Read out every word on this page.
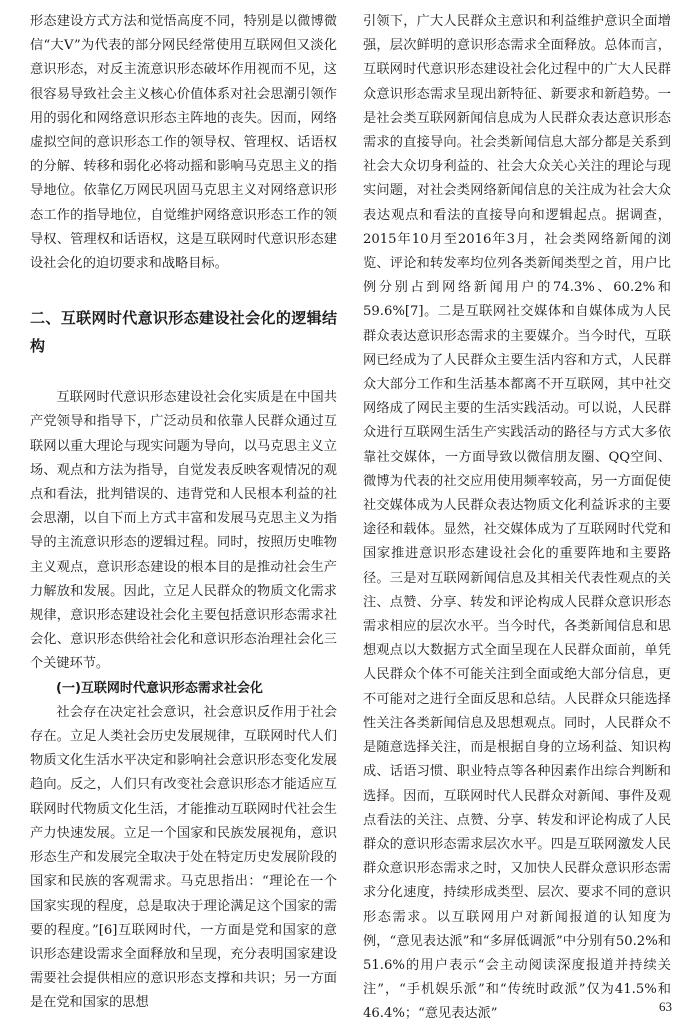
形态建设方式方法和觉悟高度不同，特别是以微博微信“大V”为代表的部分网民经常使用互联网但又淡化意识形态，对反主流意识形态破坏作用视而不见，这很容易导致社会主义核心价值体系对社会思潮引领作用的弱化和网络意识形态主阵地的丧失。因而，网络虚拟空间的意识形态工作的领导权、管理权、话语权的分解、转移和弱化必将动摇和影响马克思主义的指导地位。依靠亿万网民巩固马克思主义对网络意识形态工作的指导地位，自觉维护网络意识形态工作的领导权、管理权和话语权，这是互联网时代意识形态建设社会化的迫切要求和战略目标。

二、互联网时代意识形态建设社会化的逻辑结构

互联网时代意识形态建设社会化实质是在中国共产党领导和指导下，广泛动员和依靠人民群众通过互联网以重大理论与现实问题为导向，以马克思主义立场、观点和方法为指导，自觉发表反映客观情况的观点和看法，批判错误的、违背党和人民根本利益的社会思潮，以自下而上方式丰富和发展马克思主义为指导的主流意识形态的逻辑过程。同时，按照历史唯物主义观点，意识形态建设的根本目的是推动社会生产力解放和发展。因此，立足人民群众的物质文化需求规律，意识形态建设社会化主要包括意识形态需求社会化、意识形态供给社会化和意识形态治理社会化三个关键环节。

(一)互联网时代意识形态需求社会化

社会存在决定社会意识，社会意识反作用于社会存在。立足人类社会历史发展规律，互联网时代人们物质文化生活水平决定和影响社会意识形态变化发展趋向。反之，人们只有改变社会意识形态才能适应互联网时代物质文化生活，才能推动互联网时代社会生产力快速发展。立足一个国家和民族发展视角，意识形态生产和发展完全取决于处在特定历史发展阶段的国家和民族的客观需求。马克思指出：“理论在一个国家实现的程度，总是取决于理论满足这个国家的需要的程度。”[6]互联网时代，一方面是党和国家的意识形态建设需求全面释放和呈现，充分表明国家建设需要社会提供相应的意识形态支撑和共识；另一方面是在党和国家的思想

引领下，广大人民群众主意识和利益维护意识全面增强，层次鲜明的意识形态需求全面释放。总体而言，互联网时代意识形态建设社会化过程中的广大人民群众意识形态需求呈现出新特征、新要求和新趋势。一是社会类互联网新闻信息成为人民群众表达意识形态需求的直接导向。社会类新闻信息大部分都是关系到社会大众切身利益的、社会大众关心关注的理论与现实问题，对社会类网络新闻信息的关注成为社会大众表达观点和看法的直接导向和逻辑起点。据调查，2015年10月至2016年3月，社会类网络新闻的浏览、评论和转发率均位列各类新闻类型之首，用户比例分别占到网络新闻用户的74.3%、60.2%和59.6%[7]。二是互联网社交媒体和自媒体成为人民群众表达意识形态需求的主要媒介。当今时代，互联网已经成为了人民群众主要生活内容和方式，人民群众大部分工作和生活基本都离不开互联网，其中社交网络成了网民主要的生活实践活动。可以说，人民群众进行互联网生活生产实践活动的路径与方式大多依靠社交媒体，一方面导致以微信朋友圈、QQ空间、微博为代表的社交应用使用频率较高，另一方面促使社交媒体成为人民群众表达物质文化利益诉求的主要途径和载体。显然，社交媒体成为了互联网时代党和国家推进意识形态建设社会化的重要阵地和主要路径。三是对互联网新闻信息及其相关代表性观点的关注、点赞、分享、转发和评论构成人民群众意识形态需求相应的层次水平。当今时代，各类新闻信息和思想观点以大数据方式全面呈现在人民群众面前，单凭人民群众个体不可能关注到全面或绝大部分信息，更不可能对之进行全面反思和总结。人民群众只能选择性关注各类新闻信息及思想观点。同时，人民群众不是随意选择关注，而是根据自身的立场利益、知识构成、话语习惯、职业特点等各种因素作出综合判断和选择。因而，互联网时代人民群众对新闻、事件及观点看法的关注、点赞、分享、转发和评论构成了人民群众的意识形态需求层次水平。四是互联网激发人民群众意识形态需求之时，又加快人民群众意识形态需求分化速度，持续形成类型、层次、要求不同的意识形态需求。以互联网用户对新闻报道的认知度为例，“意见表达派”和“多屏低调派”中分别有50.2%和51.6%的用户表示“会主动阅读深度报道并持续关注”，“手机娱乐派”和“传统时政派”仅为41.5%和46.4%；“意见表达派”	63
